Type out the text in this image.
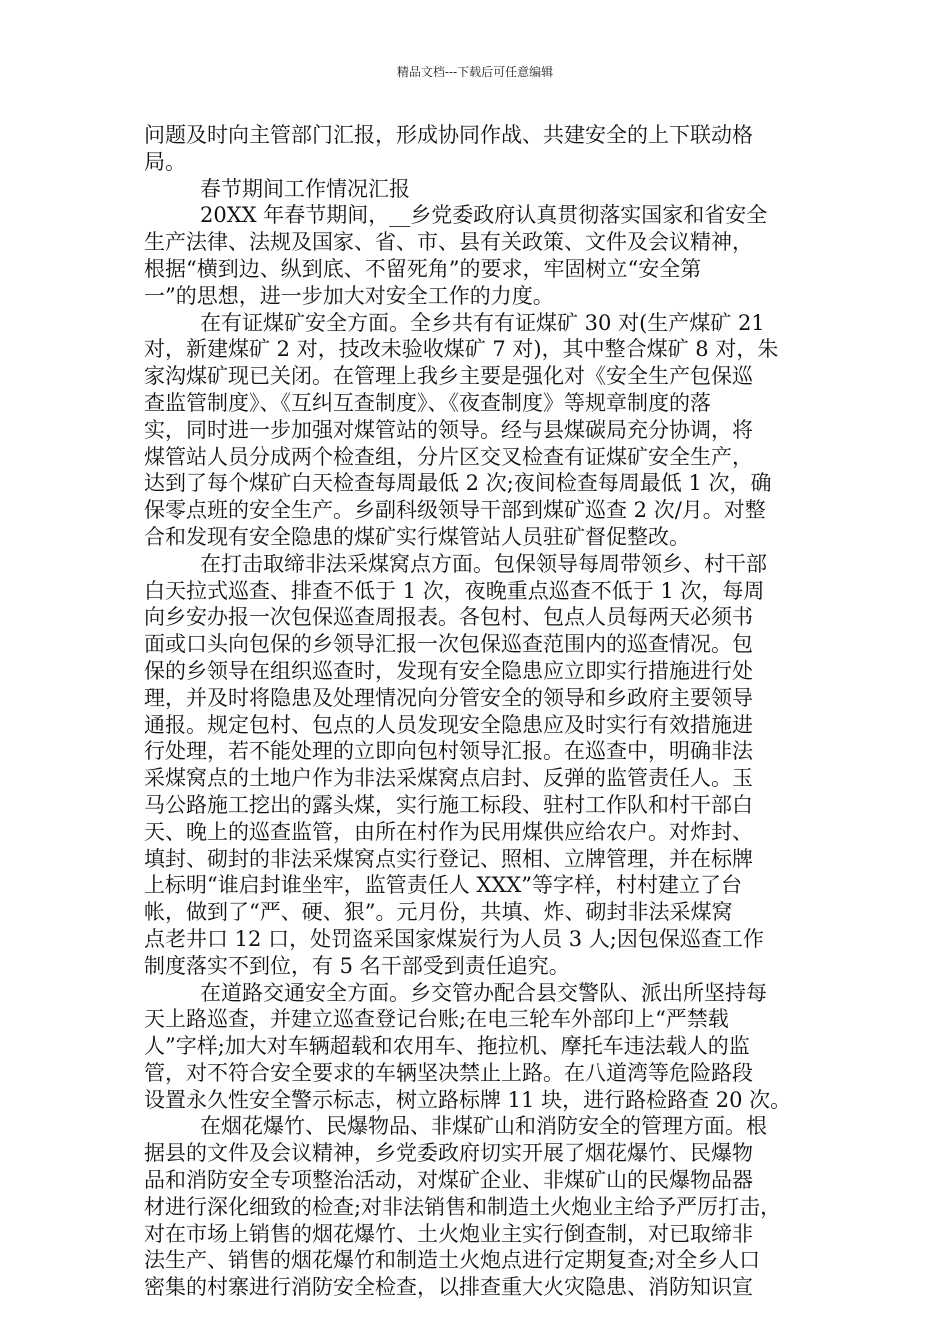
精品文档---下载后可任意编辑
问题及时向主管部门汇报，形成协同作战、共建安全的上下联动格
局。
春节期间工作情况汇报
20XX 年春节期间，__乡党委政府认真贯彻落实国家和省安全
生产法律、法规及国家、省、市、县有关政策、文件及会议精神，
根据“横到边、纵到底、不留死角”的要求，牢固树立“安全第
一”的思想，进一步加大对安全工作的力度。
在有证煤矿安全方面。全乡共有有证煤矿 30 对(生产煤矿 21
对，新建煤矿 2 对，技改未验收煤矿 7 对)，其中整合煤矿 8 对，朱
家沟煤矿现已关闭。在管理上我乡主要是强化对《安全生产包保巡
查监管制度》、《互纠互查制度》、《夜查制度》等规章制度的落
实，同时进一步加强对煤管站的领导。经与县煤碳局充分协调，将
煤管站人员分成两个检查组，分片区交叉检查有证煤矿安全生产，
达到了每个煤矿白天检查每周最低 2 次;夜间检查每周最低 1 次，确
保零点班的安全生产。乡副科级领导干部到煤矿巡查 2 次/月。对整
合和发现有安全隐患的煤矿实行煤管站人员驻矿督促整改。
在打击取缔非法采煤窝点方面。包保领导每周带领乡、村干部
白天拉式巡查、排查不低于 1 次，夜晚重点巡查不低于 1 次，每周
向乡安办报一次包保巡查周报表。各包村、包点人员每两天必须书
面或口头向包保的乡领导汇报一次包保巡查范围内的巡查情况。包
保的乡领导在组织巡查时，发现有安全隐患应立即实行措施进行处
理，并及时将隐患及处理情况向分管安全的领导和乡政府主要领导
通报。规定包村、包点的人员发现安全隐患应及时实行有效措施进
行处理，若不能处理的立即向包村领导汇报。在巡查中，明确非法
采煤窝点的土地户作为非法采煤窝点启封、反弹的监管责任人。玉
马公路施工挖出的露头煤，实行施工标段、驻村工作队和村干部白
天、晚上的巡查监管，由所在村作为民用煤供应给农户。对炸封、
填封、砌封的非法采煤窝点实行登记、照相、立牌管理，并在标牌
上标明“谁启封谁坐牢，监管责任人 XXX”等字样，村村建立了台
帐，做到了“严、硬、狠”。元月份，共填、炸、砌封非法采煤窝
点老井口 12 口，处罚盗采国家煤炭行为人员 3 人;因包保巡查工作
制度落实不到位，有 5 名干部受到责任追究。
在道路交通安全方面。乡交管办配合县交警队、派出所坚持每
天上路巡查，并建立巡查登记台账;在电三轮车外部印上“严禁载
人”字样;加大对车辆超载和农用车、拖拉机、摩托车违法载人的监
管，对不符合安全要求的车辆坚决禁止上路。在八道湾等危险路段
设置永久性安全警示标志，树立路标牌 11 块，进行路检路查 20 次。
在烟花爆竹、民爆物品、非煤矿山和消防安全的管理方面。根
据县的文件及会议精神，乡党委政府切实开展了烟花爆竹、民爆物
品和消防安全专项整治活动，对煤矿企业、非煤矿山的民爆物品器
材进行深化细致的检查;对非法销售和制造土火炮业主给予严厉打击，
对在市场上销售的烟花爆竹、土火炮业主实行倒查制，对已取缔非
法生产、销售的烟花爆竹和制造土火炮点进行定期复查;对全乡人口
密集的村寨进行消防安全检查，以排查重大火灾隐患、消防知识宣
